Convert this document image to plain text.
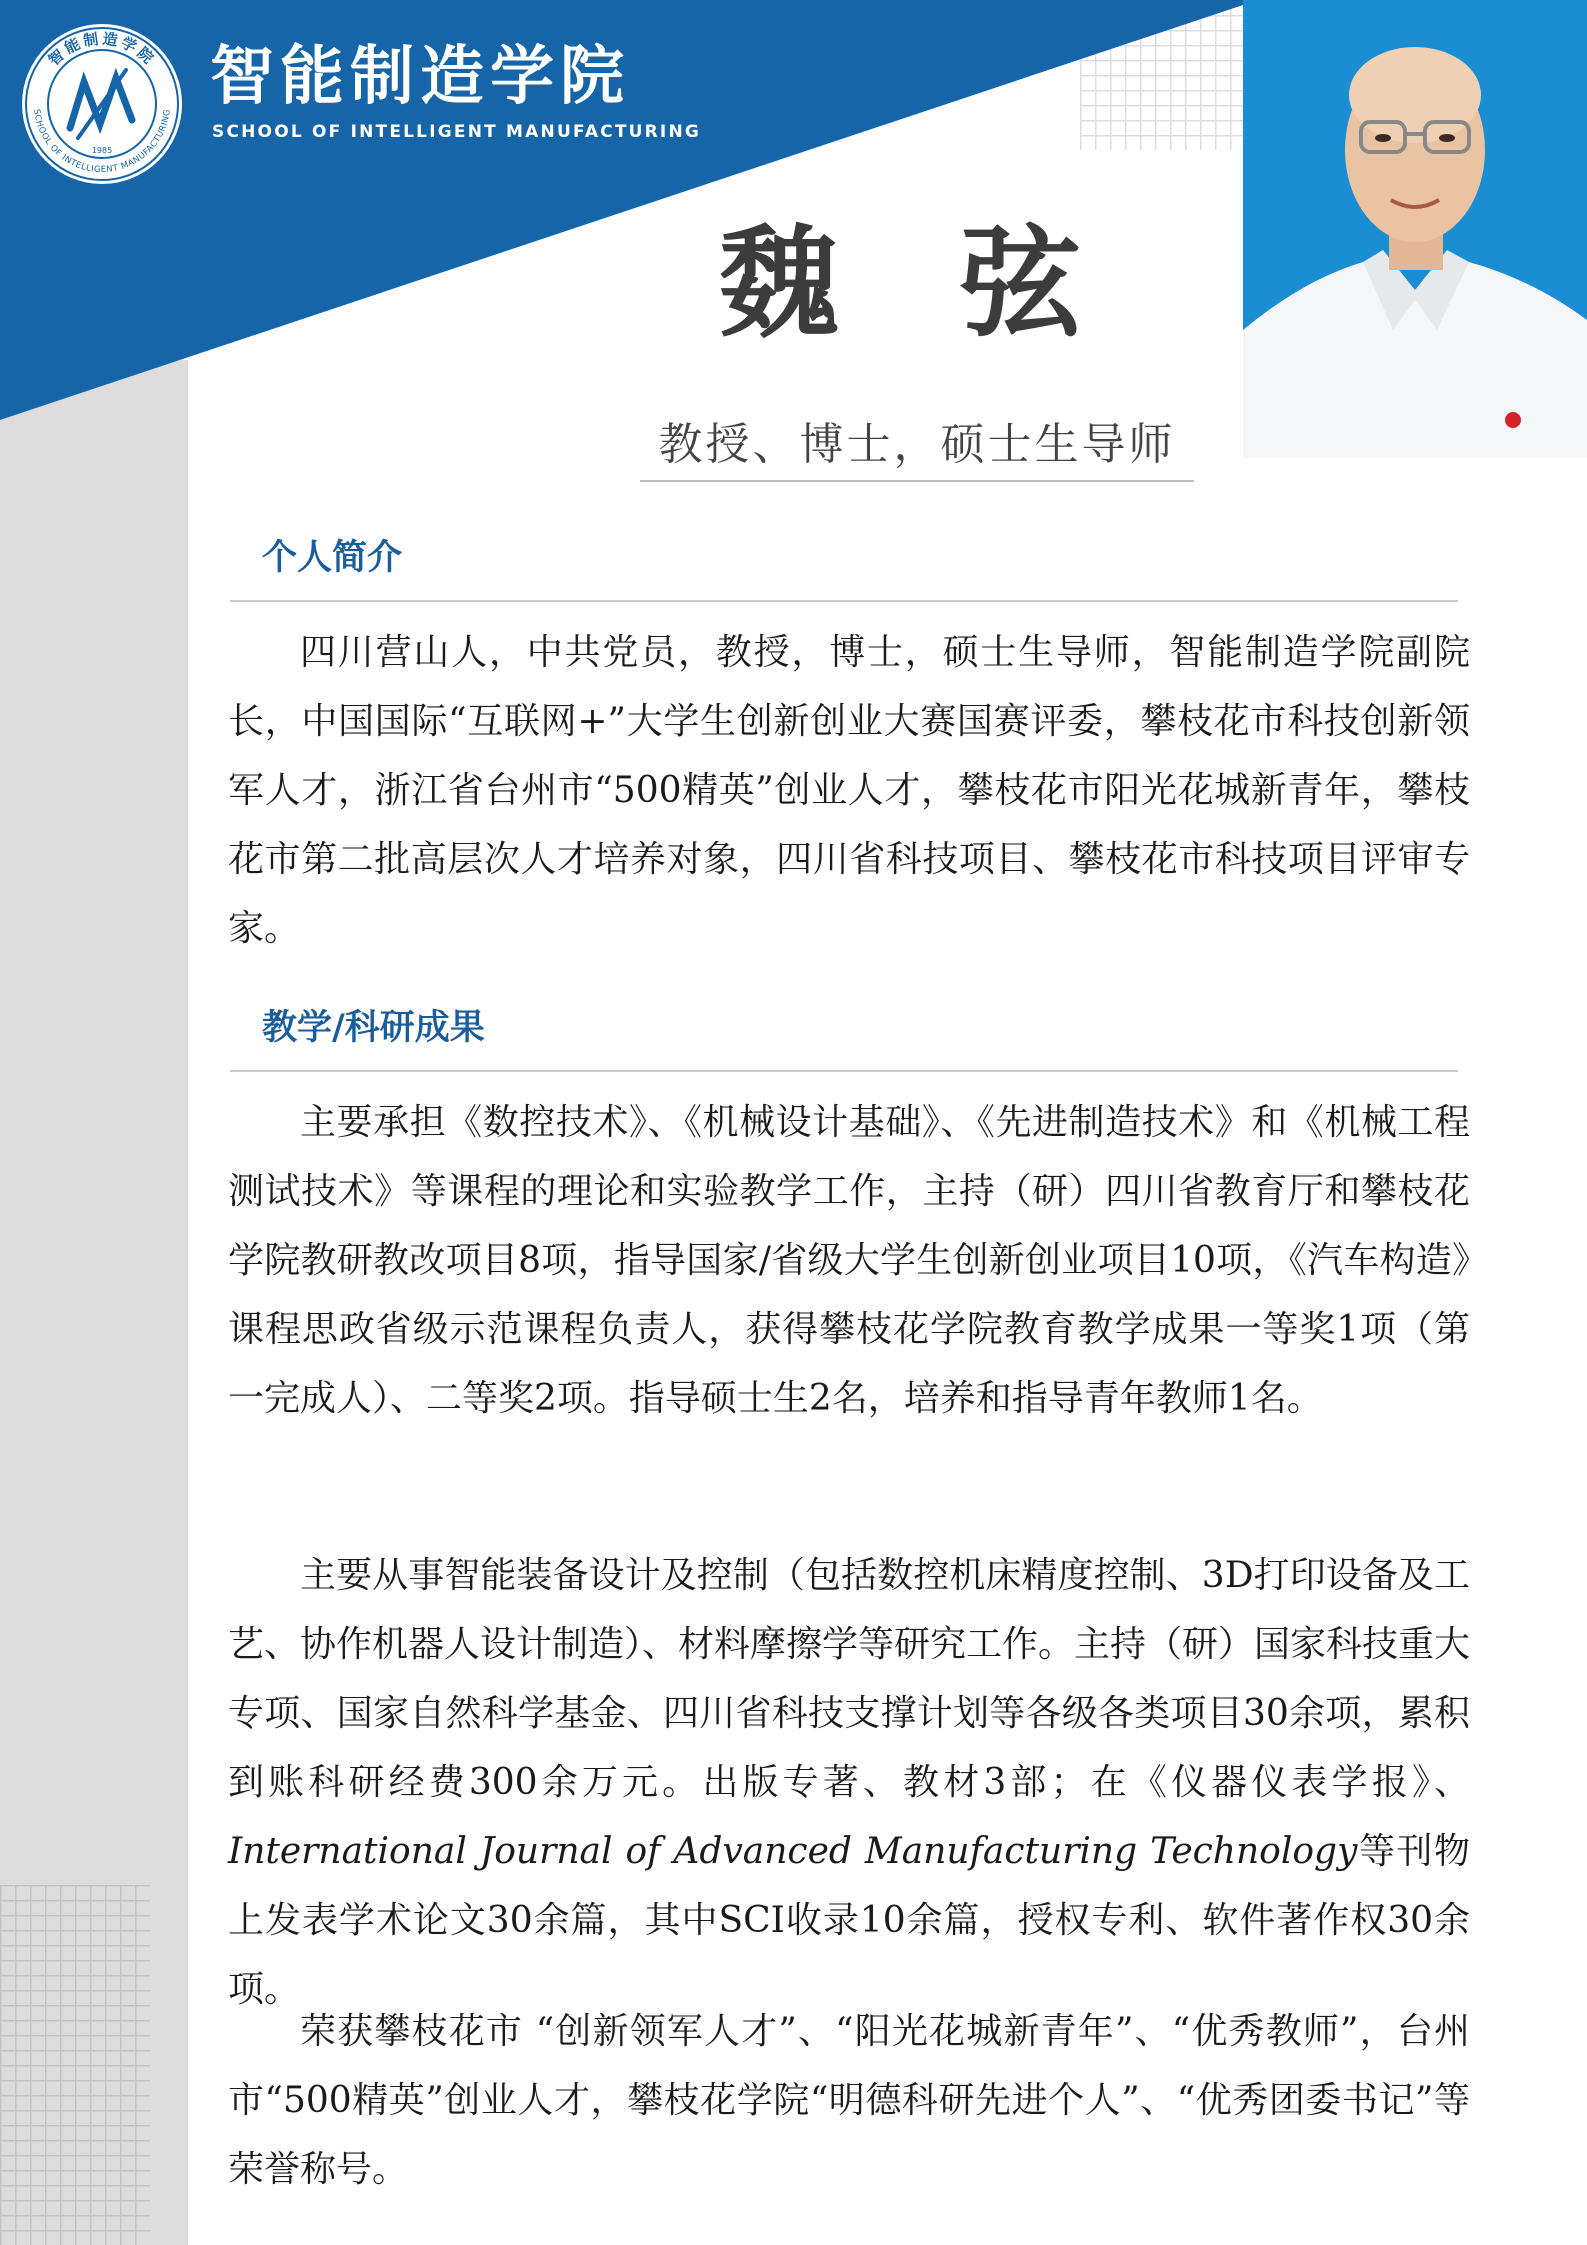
智能制造学院
SCHOOL OF INTELLIGENT MANUFACTURING
1985
智能制造学院
SCHOOL OF INTELLIGENT MANUFACTURING
魏 弦
教授、博士，硕士生导师
个人简介

四川营山人，中共党员，教授，博士，硕士生导师，智能制造学院副院长，中国国际“互联网+”大学生创新创业大赛国赛评委，攀枝花市科技创新领军人才，浙江省台州市“500精英”创业人才，攀枝花市阳光花城新青年，攀枝花市第二批高层次人才培养对象，四川省科技项目、攀枝花市科技项目评审专家。

教学/科研成果

主要承担《数控技术》、《机械设计基础》、《先进制造技术》和《机械工程测试技术》等课程的理论和实验教学工作，主持（研）四川省教育厅和攀枝花学院教研教改项目8项，指导国家/省级大学生创新创业项目10项，《汽车构造》课程思政省级示范课程负责人，获得攀枝花学院教育教学成果一等奖1项（第一完成人）、二等奖2项。指导硕士生2名，培养和指导青年教师1名。

主要从事智能装备设计及控制（包括数控机床精度控制、3D打印设备及工艺、协作机器人设计制造）、材料摩擦学等研究工作。主持（研）国家科技重大专项、国家自然科学基金、四川省科技支撑计划等各级各类项目30余项，累积到账科研经费300余万元。出版专著、教材3部；在《仪器仪表学报》、International Journal of Advanced Manufacturing Technology等刊物上发表学术论文30余篇，其中SCI收录10余篇，授权专利、软件著作权30余项。

荣获攀枝花市 “创新领军人才”、“阳光花城新青年”、“优秀教师”，台州市“500精英”创业人才，攀枝花学院“明德科研先进个人”、“优秀团委书记”等荣誉称号。
